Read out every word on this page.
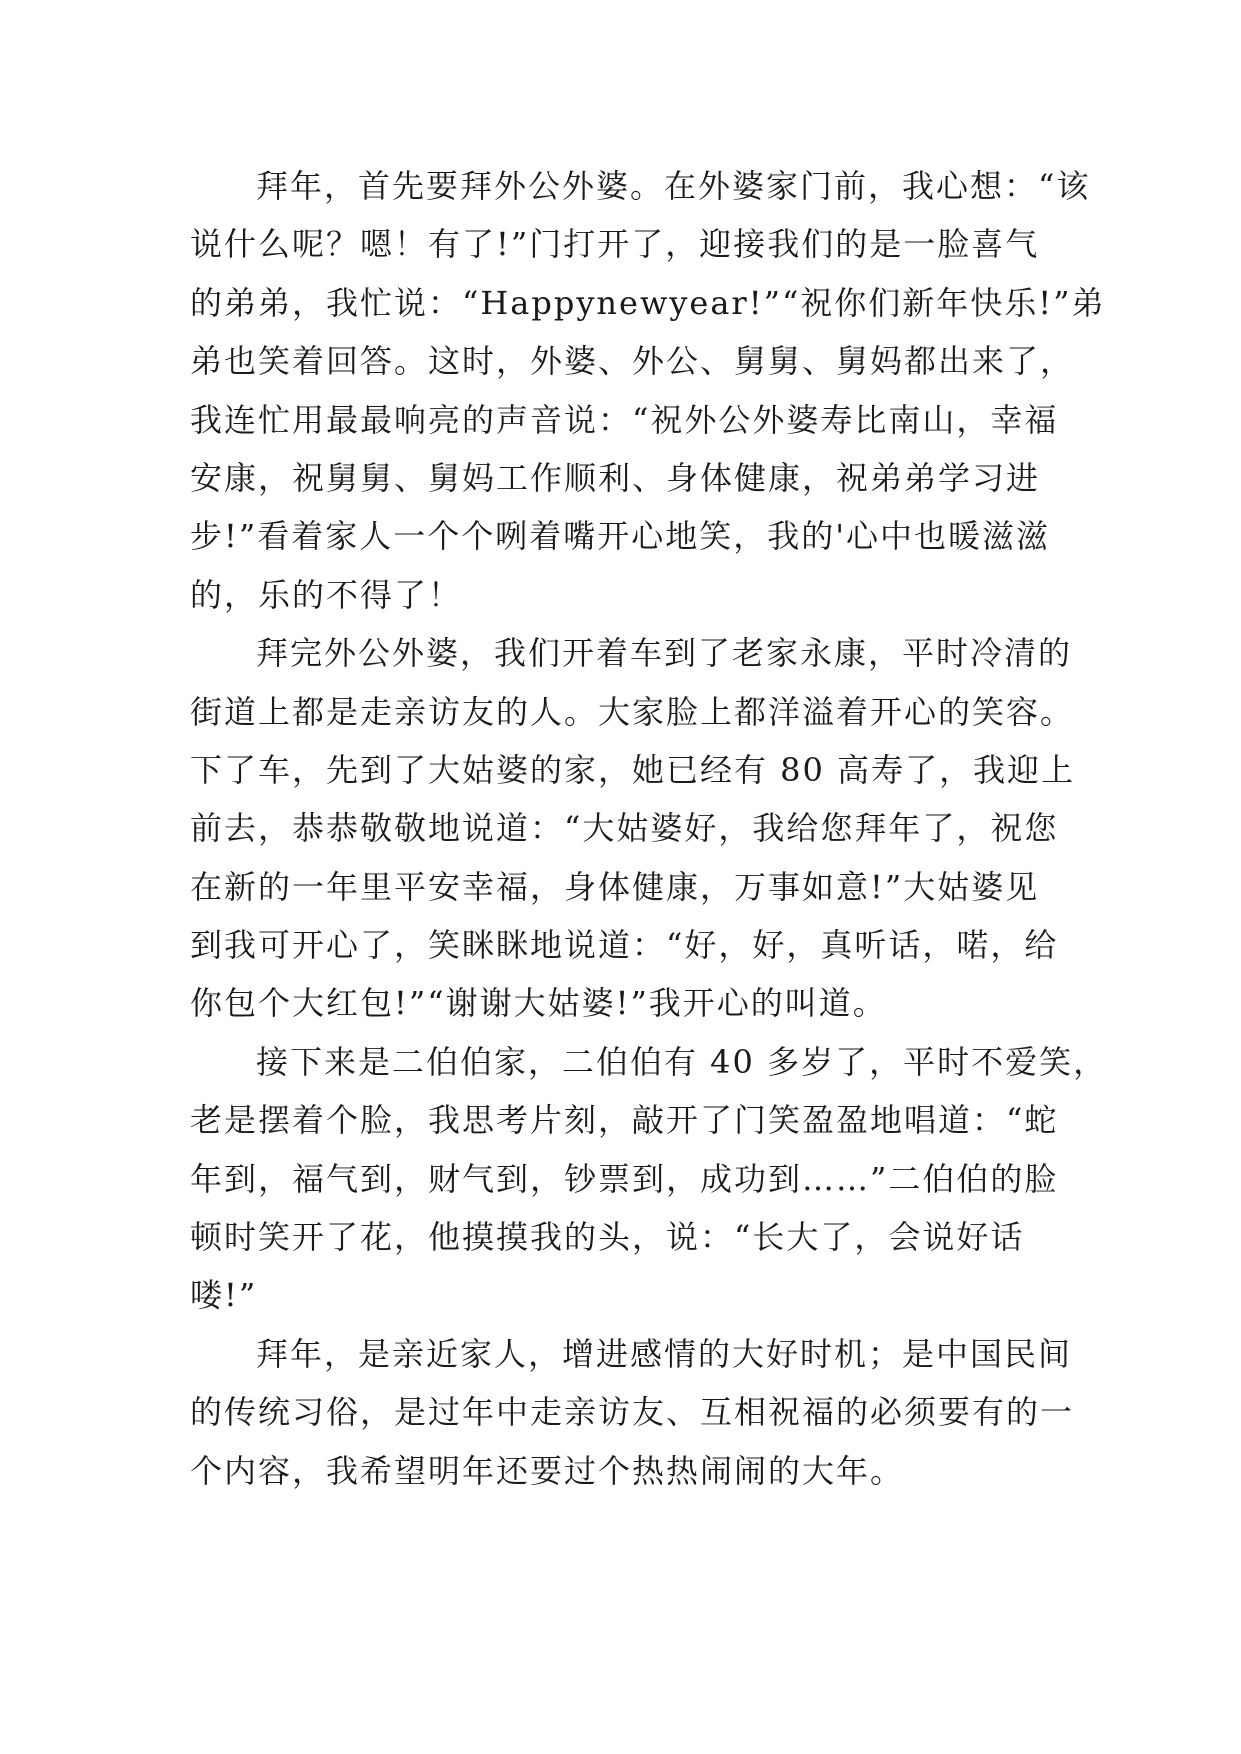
拜年，首先要拜外公外婆。在外婆家门前，我心想：“该
说什么呢？嗯！有了!”门打开了，迎接我们的是一脸喜气
的弟弟，我忙说：“Happynewyear!”“祝你们新年快乐!”弟
弟也笑着回答。这时，外婆、外公、舅舅、舅妈都出来了，
我连忙用最最响亮的声音说：“祝外公外婆寿比南山，幸福
安康，祝舅舅、舅妈工作顺利、身体健康，祝弟弟学习进
步!”看着家人一个个咧着嘴开心地笑，我的'心中也暖滋滋
的，乐的不得了！
拜完外公外婆，我们开着车到了老家永康，平时冷清的
街道上都是走亲访友的人。大家脸上都洋溢着开心的笑容。
下了车，先到了大姑婆的家，她已经有 80 高寿了，我迎上
前去，恭恭敬敬地说道：“大姑婆好，我给您拜年了，祝您
在新的一年里平安幸福，身体健康，万事如意!”大姑婆见
到我可开心了，笑眯眯地说道：“好，好，真听话，喏，给
你包个大红包!”“谢谢大姑婆!”我开心的叫道。
接下来是二伯伯家，二伯伯有 40 多岁了，平时不爱笑，
老是摆着个脸，我思考片刻，敲开了门笑盈盈地唱道：“蛇
年到，福气到，财气到，钞票到，成功到……”二伯伯的脸
顿时笑开了花，他摸摸我的头，说：“长大了，会说好话
喽!”
拜年，是亲近家人，增进感情的大好时机；是中国民间
的传统习俗，是过年中走亲访友、互相祝福的必须要有的一
个内容，我希望明年还要过个热热闹闹的大年。
